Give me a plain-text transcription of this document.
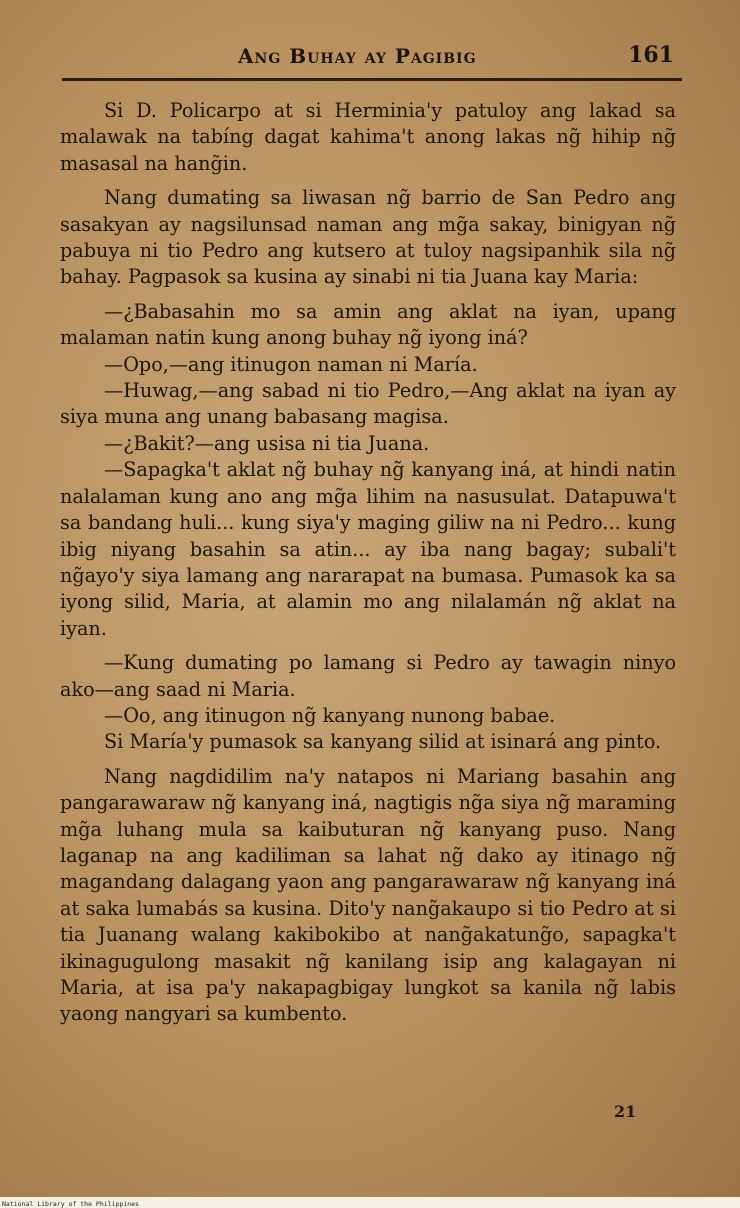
Ang Buhay ay Pagibig	161

Si D. Policarpo at si Herminia'y patuloy ang lakad sa malawak na tabíng dagat kahima't anong lakas ng̃ hihip ng̃ masasal na hang̃in.

Nang dumating sa liwasan ng̃ barrio de San Pedro ang sasakyan ay nagsilunsad naman ang mg̃a sakay, binigyan ng̃ pabuya ni tio Pedro ang kutsero at tuloy nagsipanhik sila ng̃ bahay. Pagpasok sa kusina ay sinabi ni tia Juana kay Maria:

—¿Babasahin mo sa amin ang aklat na iyan, upang malaman natin kung anong buhay ng̃ iyong iná?

—Opo,—ang itinugon naman ni María.

—Huwag,—ang sabad ni tio Pedro,—Ang aklat na iyan ay siya muna ang unang babasang magisa.

—¿Bakit?—ang usisa ni tia Juana.

—Sapagka't aklat ng̃ buhay ng̃ kanyang iná, at hindi natin nalalaman kung ano ang mg̃a lihim na nasusulat. Datapuwa't sa bandang huli... kung siya'y maging giliw na ni Pedro... kung ibig niyang basahin sa atin... ay iba nang bagay; subali't ng̃ayo'y siya lamang ang nararapat na bumasa. Pumasok ka sa iyong silid, Maria, at alamin mo ang nilalamán ng̃ aklat na iyan.

—Kung dumating po lamang si Pedro ay tawagin ninyo ako—ang saad ni Maria.

—Oo, ang itinugon ng̃ kanyang nunong babae.

Si María'y pumasok sa kanyang silid at isinará ang pinto.

Nang nagdidilim na'y natapos ni Mariang basahin ang pangarawaraw ng̃ kanyang iná, nagtigis ng̃a siya ng̃ maraming mg̃a luhang mula sa kaibuturan ng̃ kanyang puso. Nang laganap na ang kadiliman sa lahat ng̃ dako ay itinago ng̃ magandang dalagang yaon ang pangarawaraw ng̃ kanyang iná at saka lumabás sa kusina. Dito'y nang̃akaupo si tio Pedro at si tia Juanang walang kakibokibo at nang̃akatung̃o, sapagka't ikinagugulong masakit ng̃ kanilang isip ang kalagayan ni Maria, at isa pa'y nakapagbigay lungkot sa kanila ng̃ labis yaong nangyari sa kumbento.

21
National Library of the Philippines
